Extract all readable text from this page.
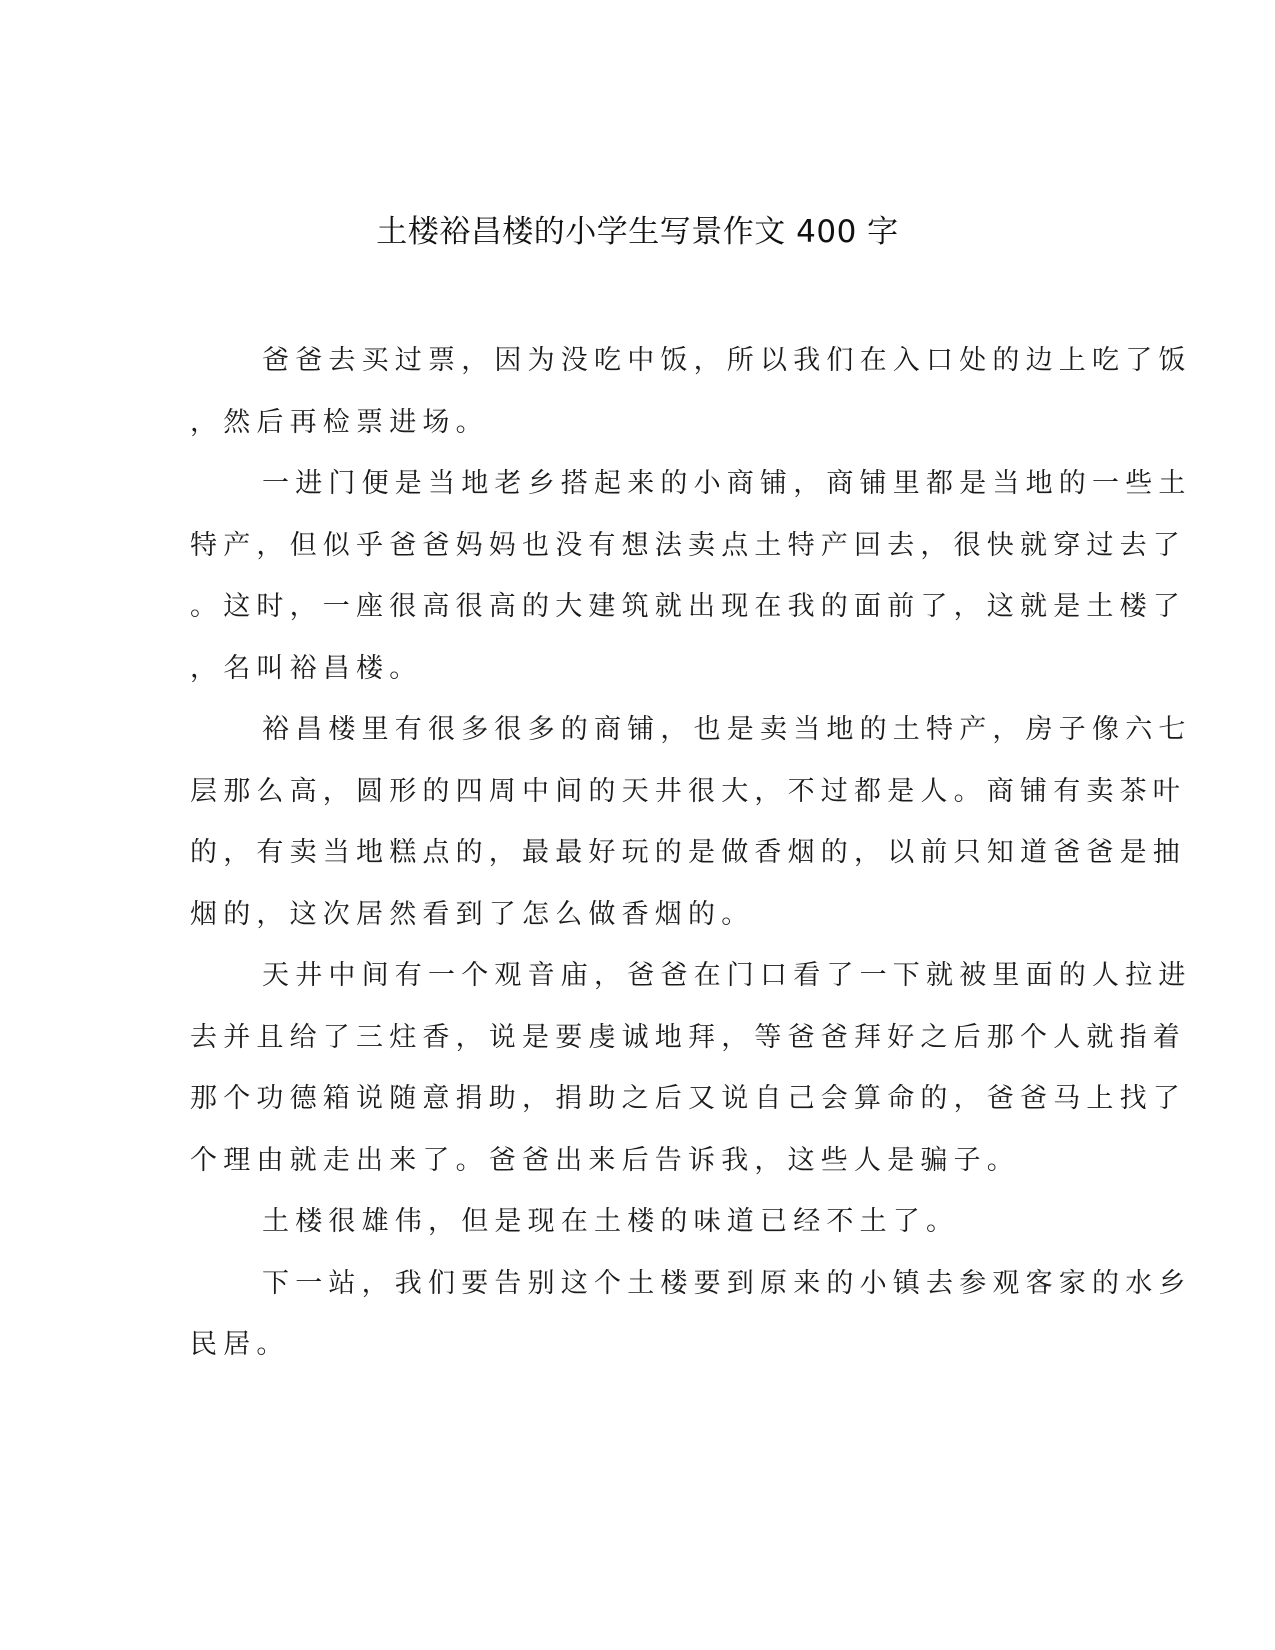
土楼裕昌楼的小学生写景作文 400 字
爸爸去买过票，因为没吃中饭，所以我们在入口处的边上吃了饭
，然后再检票进场。
一进门便是当地老乡搭起来的小商铺，商铺里都是当地的一些土
特产，但似乎爸爸妈妈也没有想法卖点土特产回去，很快就穿过去了
。这时，一座很高很高的大建筑就出现在我的面前了，这就是土楼了
，名叫裕昌楼。
裕昌楼里有很多很多的商铺，也是卖当地的土特产，房子像六七
层那么高，圆形的四周中间的天井很大，不过都是人。商铺有卖茶叶
的，有卖当地糕点的，最最好玩的是做香烟的，以前只知道爸爸是抽
烟的，这次居然看到了怎么做香烟的。
天井中间有一个观音庙，爸爸在门口看了一下就被里面的人拉进
去并且给了三炷香，说是要虔诚地拜，等爸爸拜好之后那个人就指着
那个功德箱说随意捐助，捐助之后又说自己会算命的，爸爸马上找了
个理由就走出来了。爸爸出来后告诉我，这些人是骗子。
土楼很雄伟，但是现在土楼的味道已经不土了。
下一站，我们要告别这个土楼要到原来的小镇去参观客家的水乡
民居。
